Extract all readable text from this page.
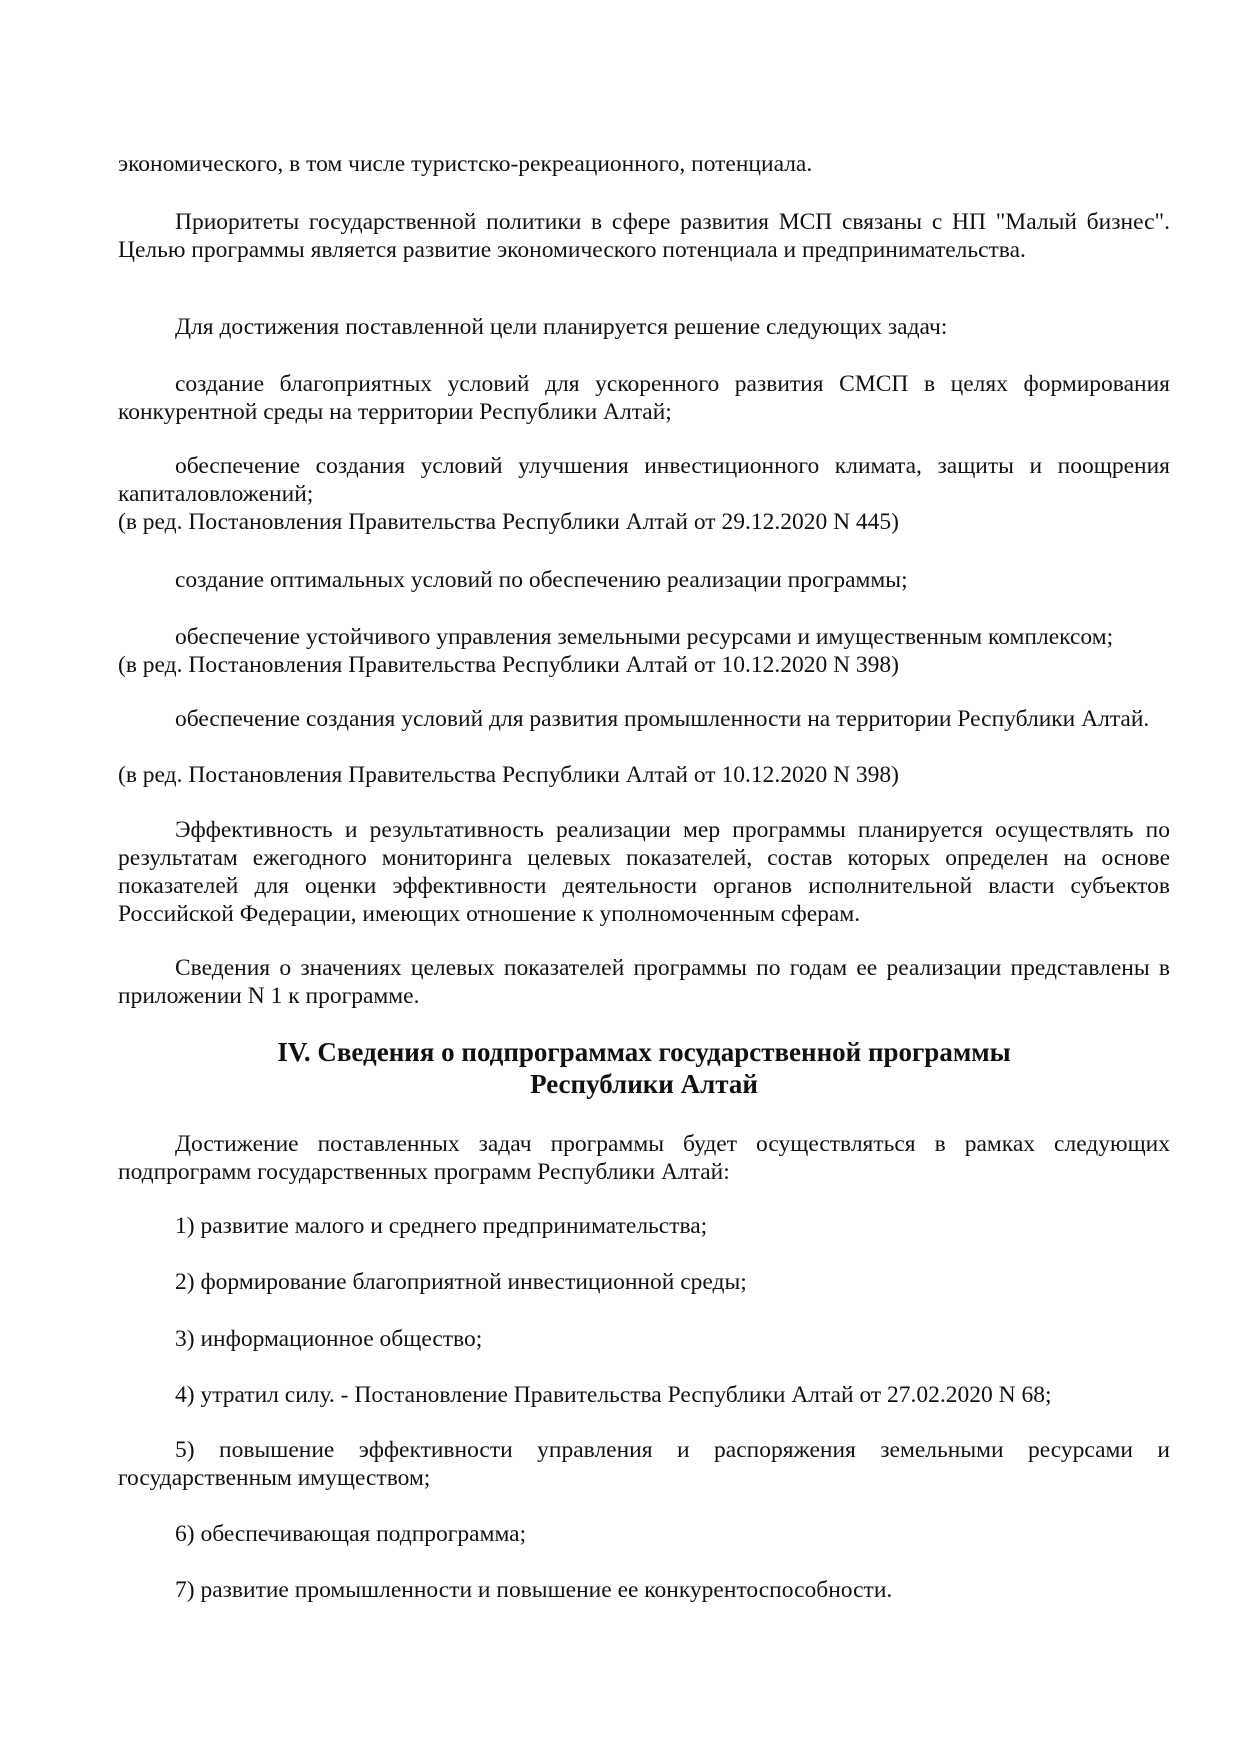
экономического, в том числе туристско-рекреационного, потенциала.

Приоритеты государственной политики в сфере развития МСП связаны с НП "Малый бизнес". Целью программы является развитие экономического потенциала и предпринимательства.

Для достижения поставленной цели планируется решение следующих задач:

создание благоприятных условий для ускоренного развития СМСП в целях формирования конкурентной среды на территории Республики Алтай;

обеспечение создания условий улучшения инвестиционного климата, защиты и поощрения капиталовложений;

(в ред. Постановления Правительства Республики Алтай от 29.12.2020 N 445)

создание оптимальных условий по обеспечению реализации программы;

обеспечение устойчивого управления земельными ресурсами и имущественным комплексом;

(в ред. Постановления Правительства Республики Алтай от 10.12.2020 N 398)

обеспечение создания условий для развития промышленности на территории Республики Алтай.

(в ред. Постановления Правительства Республики Алтай от 10.12.2020 N 398)

Эффективность и результативность реализации мер программы планируется осуществлять по результатам ежегодного мониторинга целевых показателей, состав которых определен на основе показателей для оценки эффективности деятельности органов исполнительной власти субъектов Российской Федерации, имеющих отношение к уполномоченным сферам.

Сведения о значениях целевых показателей программы по годам ее реализации представлены в приложении N 1 к программе.

IV. Сведения о подпрограммах государственной программы
Республики Алтай

Достижение поставленных задач программы будет осуществляться в рамках следующих подпрограмм государственных программ Республики Алтай:

1) развитие малого и среднего предпринимательства;

2) формирование благоприятной инвестиционной среды;

3) информационное общество;

4) утратил силу. - Постановление Правительства Республики Алтай от 27.02.2020 N 68;

5) повышение эффективности управления и распоряжения земельными ресурсами и государственным имуществом;

6) обеспечивающая подпрограмма;

7) развитие промышленности и повышение ее конкурентоспособности.
